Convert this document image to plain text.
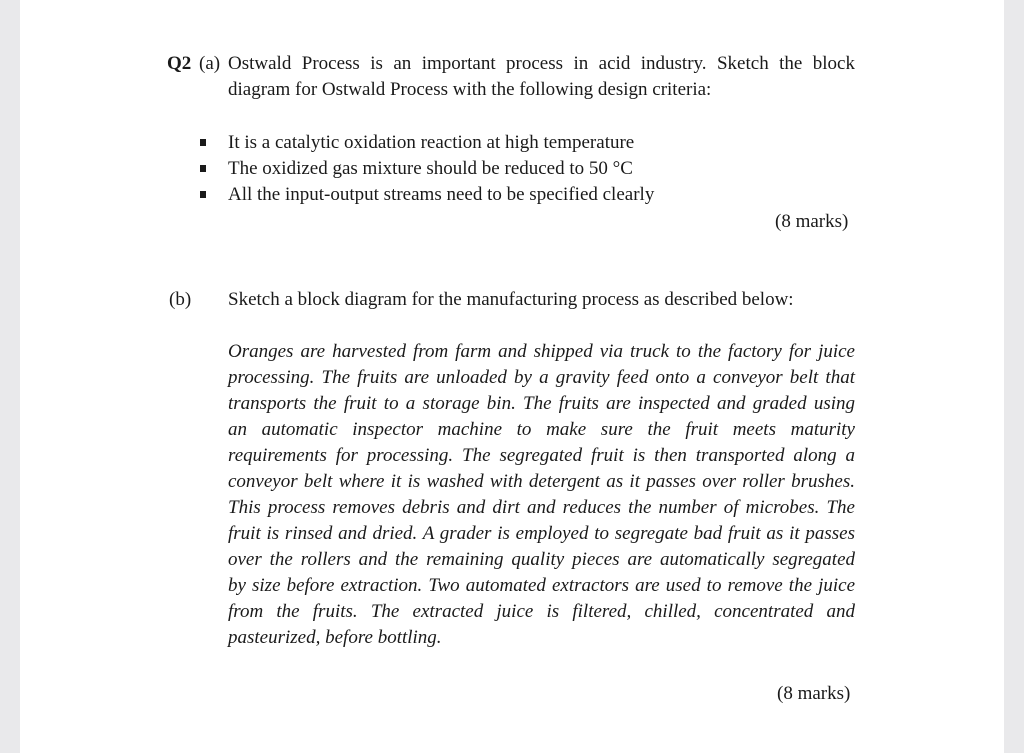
Q2 (a) Ostwald Process is an important process in acid industry. Sketch the block
diagram for Ostwald Process with the following design criteria:
It is a catalytic oxidation reaction at high temperature
The oxidized gas mixture should be reduced to 50 °C
All the input-output streams need to be specified clearly
(8 marks)
(b) Sketch a block diagram for the manufacturing process as described below:
Oranges are harvested from farm and shipped via truck to the factory for juice
processing. The fruits are unloaded by a gravity feed onto a conveyor belt that
transports the fruit to a storage bin. The fruits are inspected and graded using
an automatic inspector machine to make sure the fruit meets maturity
requirements for processing. The segregated fruit is then transported along a
conveyor belt where it is washed with detergent as it passes over roller brushes.
This process removes debris and dirt and reduces the number of microbes. The
fruit is rinsed and dried. A grader is employed to segregate bad fruit as it passes
over the rollers and the remaining quality pieces are automatically segregated
by size before extraction. Two automated extractors are used to remove the juice
from the fruits. The extracted juice is filtered, chilled, concentrated and
pasteurized, before bottling.
(8 marks)
